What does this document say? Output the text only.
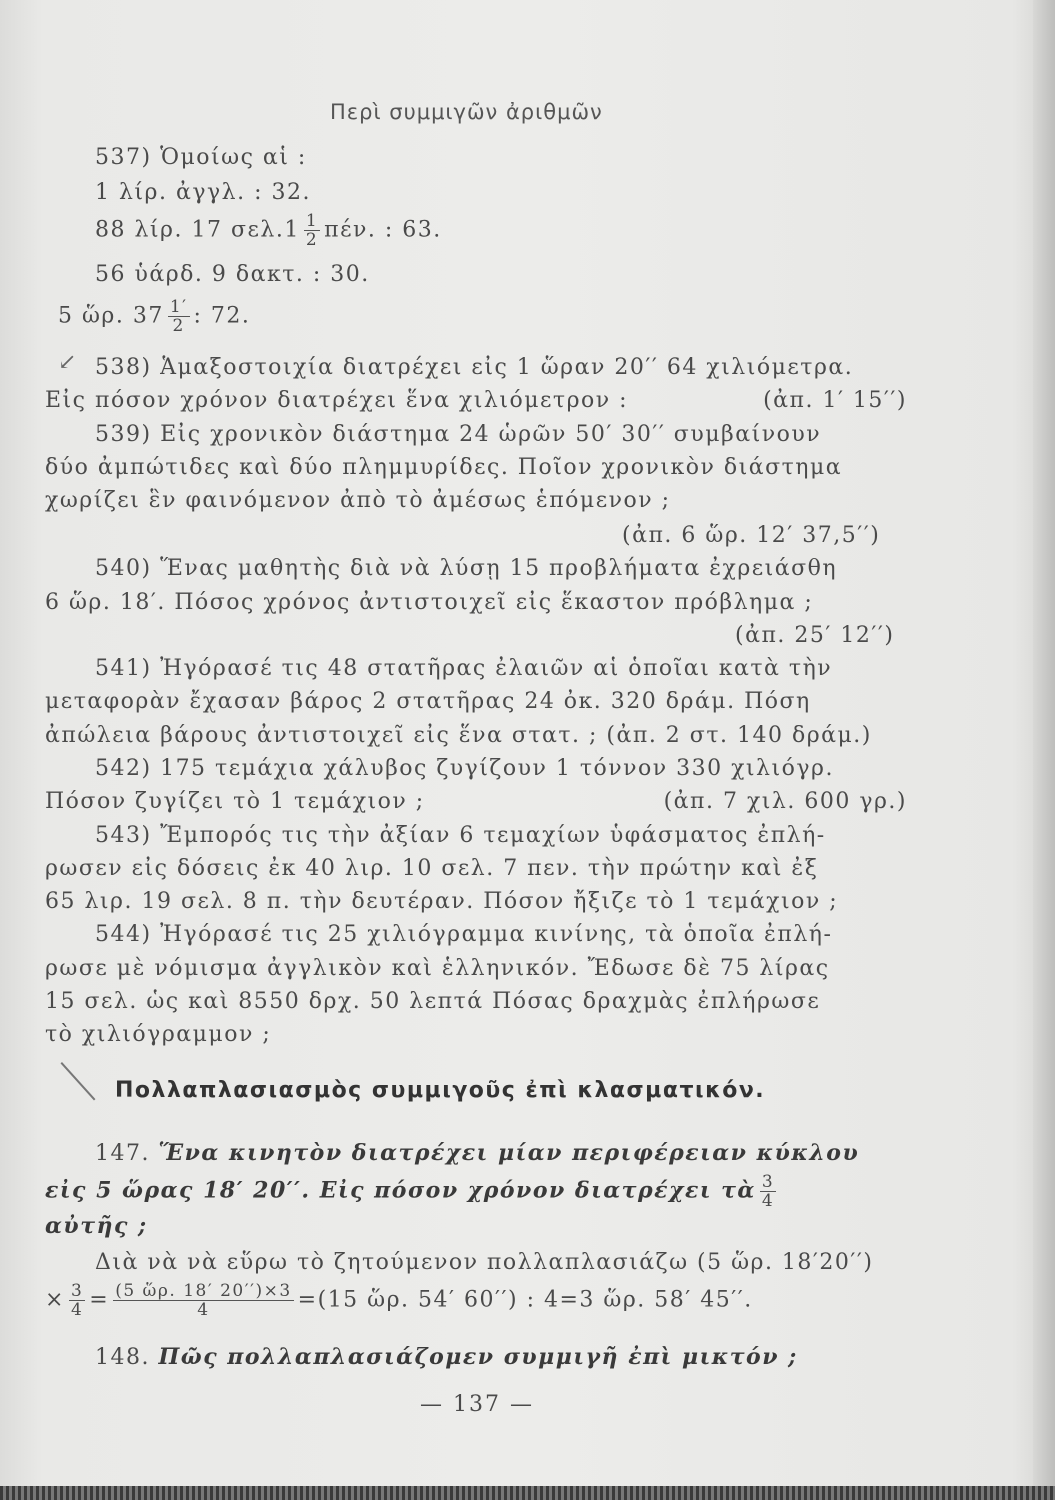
Περὶ συμμιγῶν ἀριθμῶν
537) Ὁμοίως αἱ :
1 λίρ. ἀγγλ. : 32.
88 λίρ. 17 $\sigma\varepsilon\lambda.1 \frac{1}{2} \pi έ\nu$. : 63.
56 ὑάρδ. 9 δακτ. : 30.
5 ὥρ. $37 \frac{1'}{2}$ : 72.
↙ 538) Ἁμαξοστοιχία διατρέχει εἰς 1 ὥραν 20′′ 64 χιλιόμετρα.
Εἰς πόσον χρόνον διατρέχει ἕνα χιλιόμετρον :	(ἀπ. 1′ 15′′)
539) Εἰς χρονικὸν διάστημα 24 ὡρῶν 50′ 30′′ συμβαίνουν
δύο ἀμπώτιδες καὶ δύο πλημμυρίδες. Ποῖον χρονικὸν διάστημα
χωρίζει ἓν φαινόμενον ἀπὸ τὸ ἀμέσως ἑπόμενον ;
(ἀπ. 6 ὥρ. 12′ 37,5′′)
540) Ἕνας μαθητὴς διὰ νὰ λύσῃ 15 προβλήματα ἐχρειάσθη
6 ὥρ. 18′. Πόσος χρόνος ἀντιστοιχεῖ εἰς ἕκαστον πρόβλημα ;
(ἀπ. 25′ 12′′)
541) Ἠγόρασέ τις 48 στατῆρας ἐλαιῶν αἱ ὁποῖαι κατὰ τὴν
μεταφορὰν ἔχασαν βάρος 2 στατῆρας 24 ὀκ. 320 δράμ. Πόση
ἀπώλεια βάρους ἀντιστοιχεῖ εἰς ἕνα στατ. ; (ἀπ. 2 στ. 140 δράμ.)
542) 175 τεμάχια χάλυβος ζυγίζουν 1 τόννον 330 χιλιόγρ.
Πόσον ζυγίζει τὸ 1 τεμάχιον ;	(ἀπ. 7 χιλ. 600 γρ.)
543) Ἔμπορός τις τὴν ἀξίαν 6 τεμαχίων ὑφάσματος ἐπλή-
ρωσεν εἰς δόσεις ἐκ 40 λιρ. 10 σελ. 7 πεν. τὴν πρώτην καὶ ἐξ
65 λιρ. 19 σελ. 8 π. τὴν δευτέραν. Πόσον ἤξιζε τὸ 1 τεμάχιον ;
544) Ἠγόρασέ τις 25 χιλιόγραμμα κινίνης, τὰ ὁποῖα ἐπλή-
ρωσε μὲ νόμισμα ἀγγλικὸν καὶ ἑλληνικόν. Ἔδωσε δὲ 75 λίρας
15 σελ. ὡς καὶ 8550 δρχ. 50 λεπτά Πόσας δραχμὰς ἐπλήρωσε
τὸ χιλιόγραμμον ;
Πολλαπλασιασμὸς συμμιγοῦς ἐπὶ κλασματικόν.
147. Ἕνα κινητὸν διατρέχει μίαν περιφέρειαν κύκλου
εἰς 5 ὥρας 18′ 20′′. Εἰς πόσον χρόνον διατρέχει τὰ $\frac{3}{4}$
αὐτῆς ;
Διὰ νὰ νὰ εὕρω τὸ ζητούμενον πολλαπλασιάζω (5 ὥρ. 18′20′′)
× $\frac{3}{4} = \frac{\text{(5 ὥρ. 18′ 20′′)×3}}{4} =(15$ ὥρ. 54′ 60′′) : 4=3 ὥρ. 58′ 45′′.
148. Πῶς πολλαπλασιάζομεν συμμιγῆ ἐπὶ μικτόν ;
— 137 —
